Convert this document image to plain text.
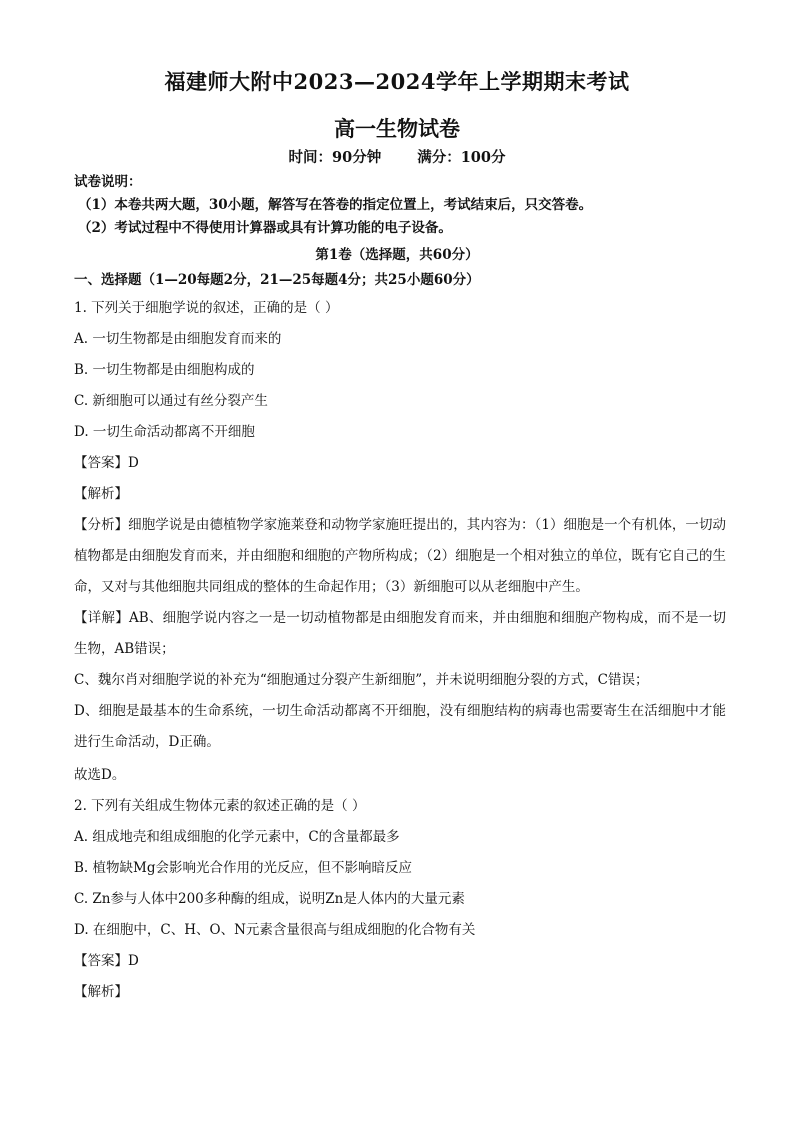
福建师大附中2023—2024学年上学期期末考试
高一生物试卷
时间：90分钟 满分：100分
试卷说明：
（1）本卷共两大题，30小题，解答写在答卷的指定位置上，考试结束后，只交答卷。
（2）考试过程中不得使用计算器或具有计算功能的电子设备。
第1卷（选择题，共60分）
一、选择题（1—20每题2分，21—25每题4分；共25小题60分）
1. 下列关于细胞学说的叙述，正确的是（ ）
A. 一切生物都是由细胞发育而来的
B. 一切生物都是由细胞构成的
C. 新细胞可以通过有丝分裂产生
D. 一切生命活动都离不开细胞
【答案】D
【解析】
【分析】细胞学说是由德植物学家施莱登和动物学家施旺提出的，其内容为：（1）细胞是一个有机体，一切动植物都是由细胞发育而来，并由细胞和细胞的产物所构成；（2）细胞是一个相对独立的单位，既有它自己的生命，又对与其他细胞共同组成的整体的生命起作用；（3）新细胞可以从老细胞中产生。
【详解】AB、细胞学说内容之一是一切动植物都是由细胞发育而来，并由细胞和细胞产物构成，而不是一切生物，AB错误；
C、魏尔肖对细胞学说的补充为“细胞通过分裂产生新细胞”，并未说明细胞分裂的方式，C错误；
D、细胞是最基本的生命系统，一切生命活动都离不开细胞，没有细胞结构的病毒也需要寄生在活细胞中才能进行生命活动，D正确。
故选D。
2. 下列有关组成生物体元素的叙述正确的是（ ）
A. 组成地壳和组成细胞的化学元素中，C的含量都最多
B. 植物缺Mg会影响光合作用的光反应，但不影响暗反应
C. Zn参与人体中200多种酶的组成，说明Zn是人体内的大量元素
D. 在细胞中，C、H、O、N元素含量很高与组成细胞的化合物有关
【答案】D
【解析】
